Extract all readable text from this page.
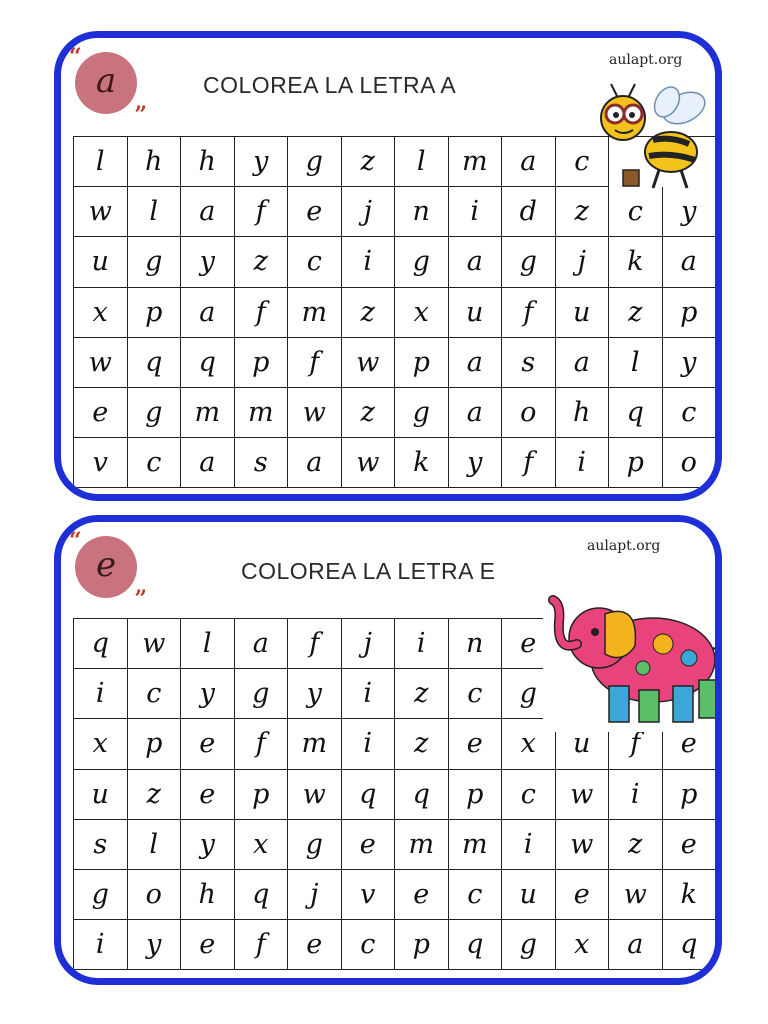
“
a
”
COLOREA LA LETRA A
aulapt.org
l	h	h	y	g	z	l	m	a	c
w	l	a	f	e	j	n	i	d	z	c	y
u	g	y	z	c	i	g	a	g	j	k	a
x	p	a	f	m	z	x	u	f	u	z	p
w	q	q	p	f	w	p	a	s	a	l	y
e	g	m	m	w	z	g	a	o	h	q	c
v	c	a	s	a	w	k	y	f	i	p	o
“
e
”
COLOREA LA LETRA E
aulapt.org
q	w	l	a	f	j	i	n	e
i	c	y	g	y	i	z	c	g
x	p	e	f	m	i	z	e	x	u	f	e
u	z	e	p	w	q	q	p	c	w	i	p
s	l	y	x	g	e	m	m	i	w	z	e
g	o	h	q	j	v	e	c	u	e	w	k
i	y	e	f	e	c	p	q	g	x	a	q
